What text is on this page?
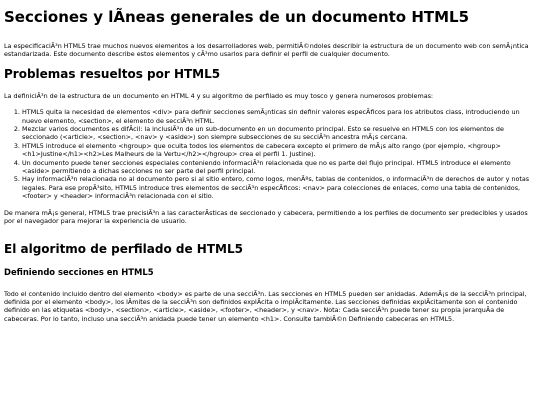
Secciones y lÃneas generales de un documento HTML5

La especificaciÃ³n HTML5 trae muchos nuevos elementos a los desarrolladores web, permitiÃ©ndoles describir la estructura de un documento web con semÃ¡ntica estandarizada. Este documento describe estos elementos y cÃ³mo usarlos para definir el perfil de cualquier documento.

Problemas resueltos por HTML5

La definiciÃ³n de la estructura de un documento en HTML 4 y su algoritmo de perfilado es muy tosco y genera numerosos problemas:

1. HTML5 quita la necesidad de elementos <div> para definir secciones semÃ¡nticas sin definir valores especÃficos para los atributos class, introduciendo un nuevo elemento, <section>, el elemento de secciÃ³n HTML.
2. Mezclar varios documentos es difÃcil: la inclusiÃ³n de un sub-documento en un documento principal. Esto se resuelve en HTML5 con los elementos de seccionado (<article>, <section>, <nav> y <aside>) son siempre subsecciones de su secciÃ³n ancestra mÃ¡s cercana.
3. HTML5 introduce el elemento <hgroup> que oculta todos los elementos de cabecera excepto el primero de mÃ¡s alto rango (por ejemplo, <hgroup><h1>Justine</h1><h2>Les Malheurs de la Vertu</h2></hgroup> crea el perfil 1. Justine).
4. Un documento puede tener secciones especiales conteniendo informaciÃ³n relacionada que no es parte del flujo principal. HTML5 introduce el elemento <aside> permitiendo a dichas secciones no ser parte del perfil principal.
5. Hay informaciÃ³n relacionada no al documento pero si al sitio entero, como logos, menÃºs, tablas de contenidos, o informaciÃ³n de derechos de autor y notas legales. Para ese propÃ³sito, HTML5 introduce tres elementos de secciÃ³n especÃficos: <nav> para colecciones de enlaces, como una tabla de contenidos, <footer> y <header> informaciÃ³n relacionada con el sitio.

De manera mÃ¡s general, HTML5 trae precisiÃ³n a las caracterÃsticas de seccionado y cabecera, permitiendo a los perfiles de documento ser predecibles y usados por el navegador para mejorar la experiencia de usuario.

El algoritmo de perfilado de HTML5
Definiendo secciones en HTML5

Todo el contenido incluido dentro del elemento <body> es parte de una secciÃ³n. Las secciones en HTML5 pueden ser anidadas. AdemÃ¡s de la secciÃ³n principal, definida por el elemento <body>, los lÃmites de la secciÃ³n son definidos explÃcita o implÃcitamente. Las secciones definidas explÃcitamente son el contenido definido en las etiquetas <body>, <section>, <article>, <aside>, <footer>, <header>, y <nav>. Nota: Cada secciÃ³n puede tener su propia jerarquÃa de cabeceras. Por lo tanto, incluso una secciÃ³n anidada puede tener un elemento <h1>. Consulte tambiÃ©n Definiendo cabeceras en HTML5.
